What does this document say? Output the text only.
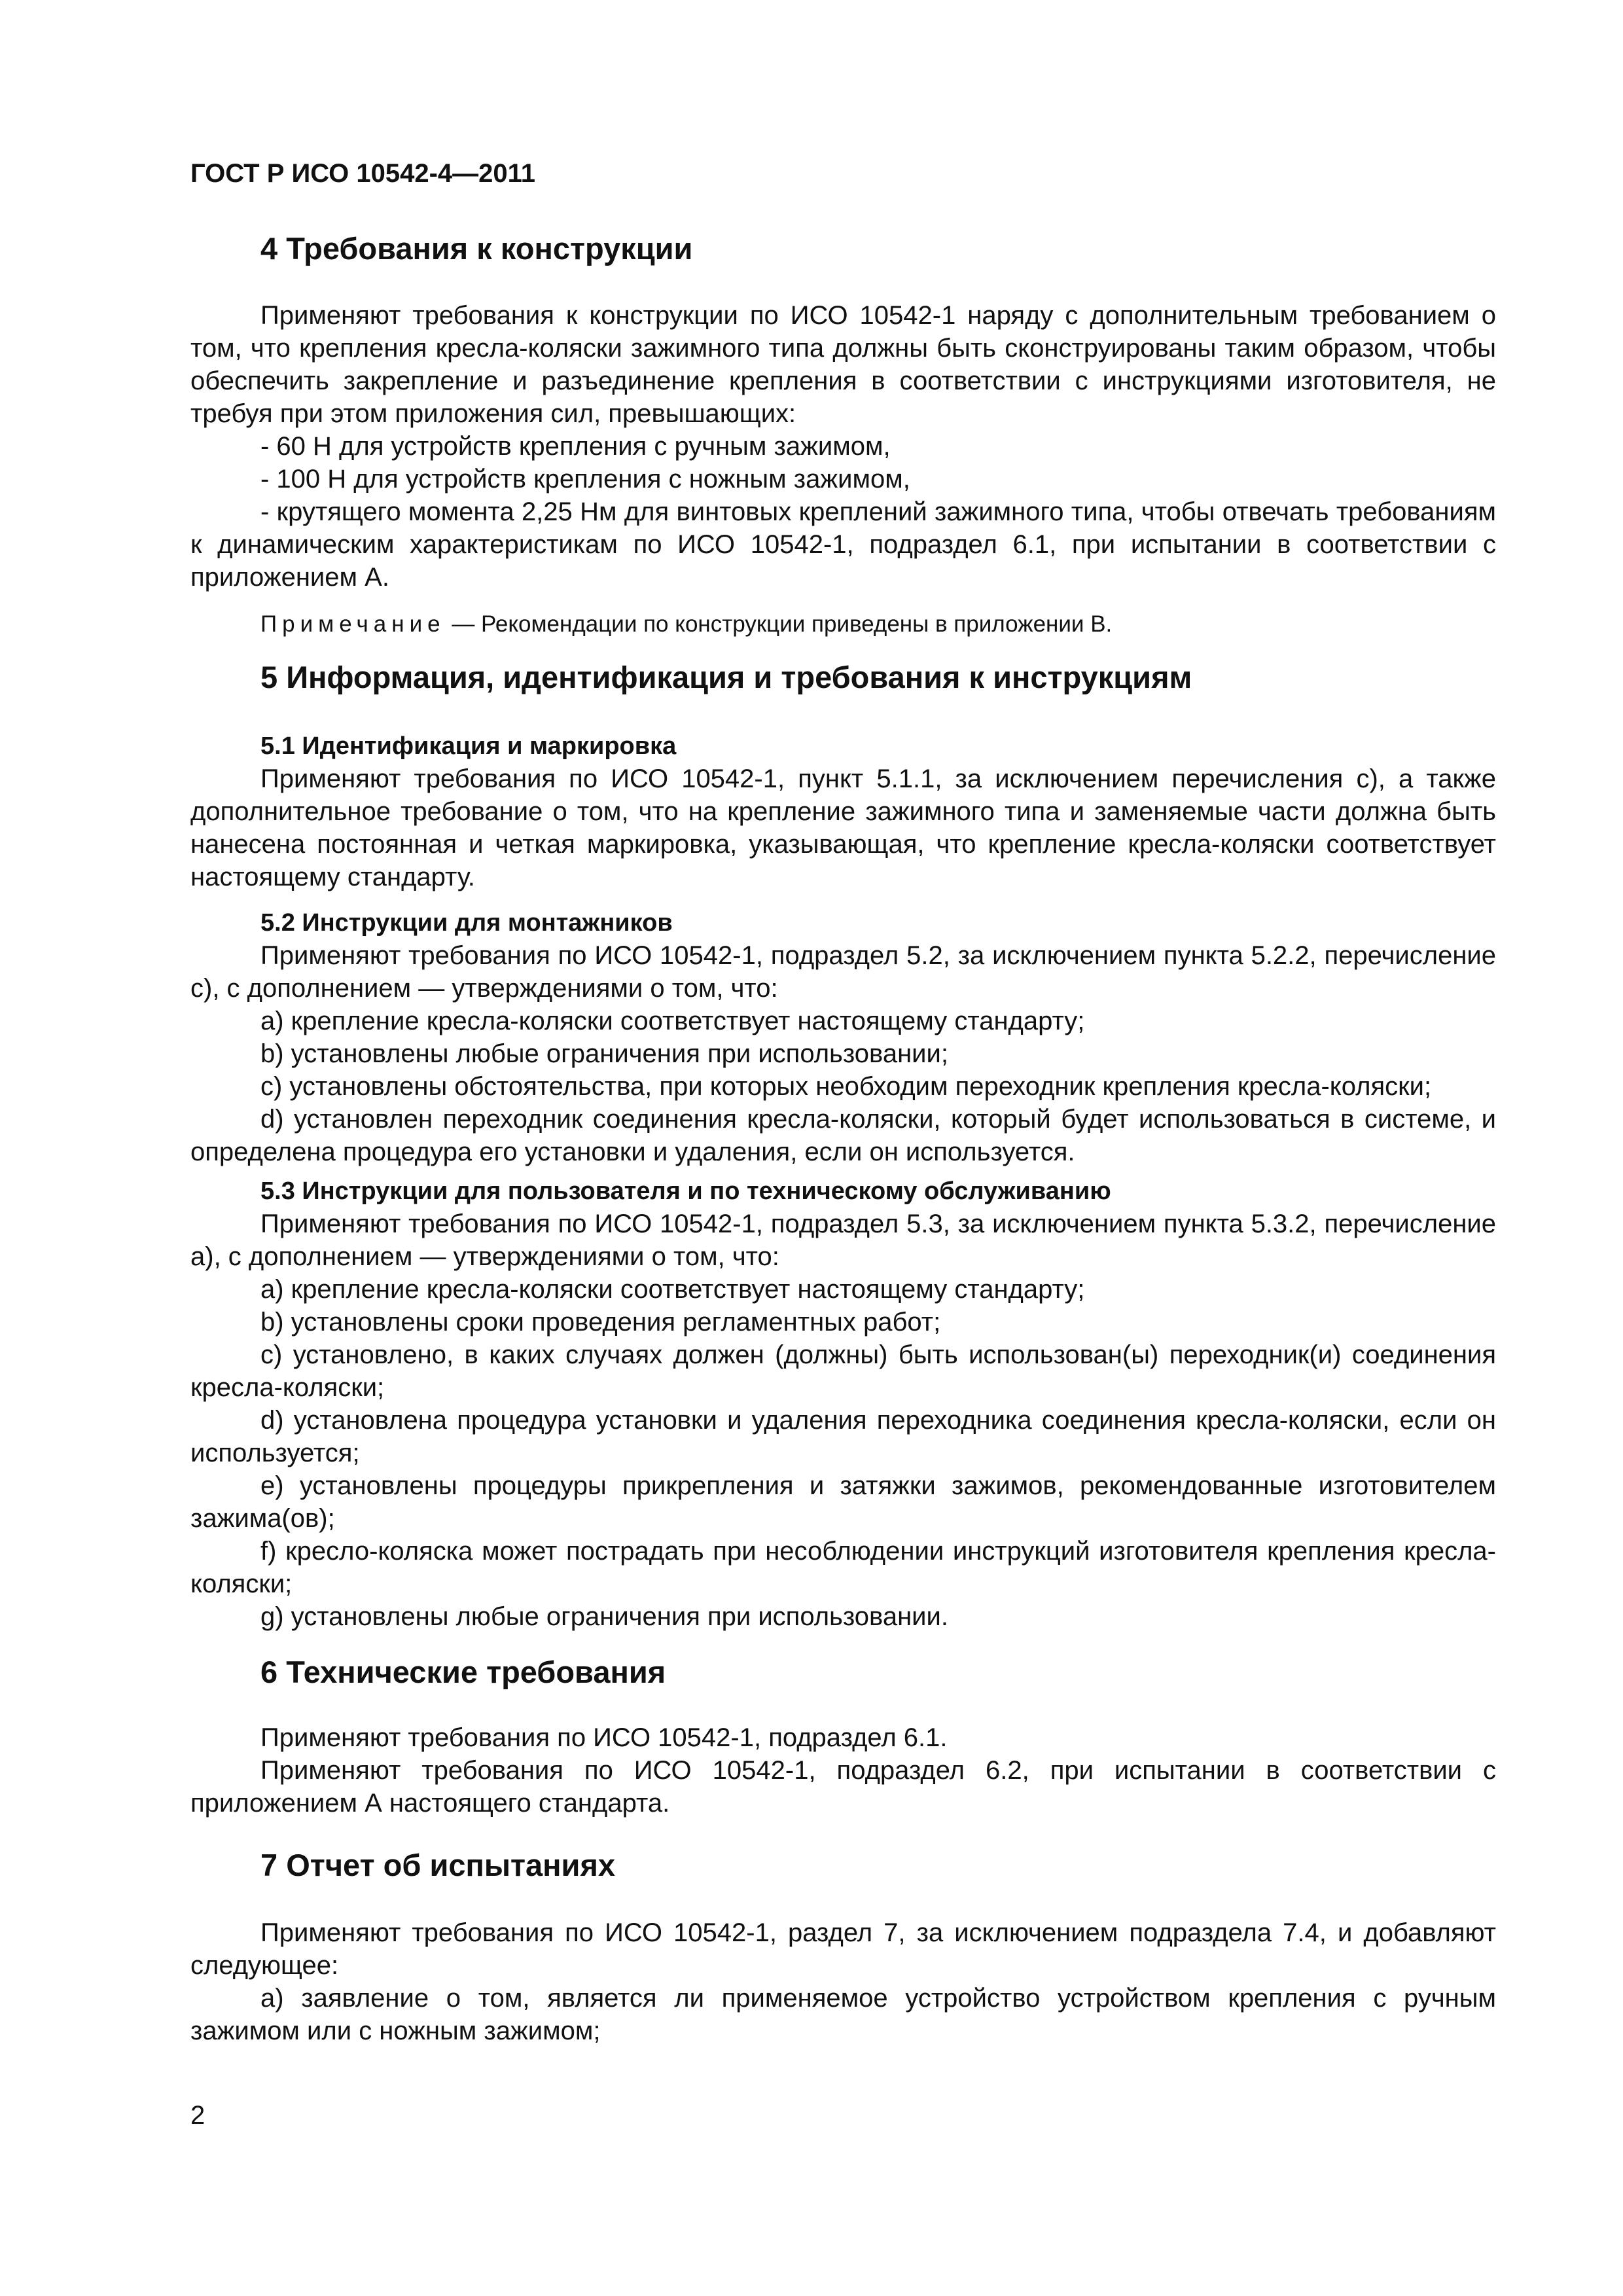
ГОСТ Р ИСО 10542-4—2011
4 Требования к конструкции

Применяют требования к конструкции по ИСО 10542-1 наряду с дополнительным требованием о том, что крепления кресла-коляски зажимного типа должны быть сконструированы таким образом, чтобы обеспечить закрепление и разъединение крепления в соответствии с инструкциями изготовителя, не требуя при этом приложения сил, превышающих:

- 60 Н для устройств крепления с ручным зажимом,

- 100 Н для устройств крепления с ножным зажимом,

- крутящего момента 2,25 Нм для винтовых креплений зажимного типа, чтобы отвечать требованиям к динамическим характеристикам по ИСО 10542-1, подраздел 6.1, при испытании в соответствии с приложением А.

Примечание — Рекомендации по конструкции приведены в приложении В.

5 Информация, идентификация и требования к инструкциям
5.1 Идентификация и маркировка

Применяют требования по ИСО 10542-1, пункт 5.1.1, за исключением перечисления с), а также дополнительное требование о том, что на крепление зажимного типа и заменяемые части должна быть нанесена постоянная и четкая маркировка, указывающая, что крепление кресла-коляски соответствует настоящему стандарту.

5.2 Инструкции для монтажников

Применяют требования по ИСО 10542-1, подраздел 5.2, за исключением пункта 5.2.2, перечисление с), с дополнением — утверждениями о том, что:

a) крепление кресла-коляски соответствует настоящему стандарту;

b) установлены любые ограничения при использовании;

c) установлены обстоятельства, при которых необходим переходник крепления кресла-коляски;

d) установлен переходник соединения кресла-коляски, который будет использоваться в системе, и определена процедура его установки и удаления, если он используется.

5.3 Инструкции для пользователя и по техническому обслуживанию

Применяют требования по ИСО 10542-1, подраздел 5.3, за исключением пункта 5.3.2, перечисление а), с дополнением — утверждениями о том, что:

a) крепление кресла-коляски соответствует настоящему стандарту;

b) установлены сроки проведения регламентных работ;

c) установлено, в каких случаях должен (должны) быть использован(ы) переходник(и) соединения кресла-коляски;

d) установлена процедура установки и удаления переходника соединения кресла-коляски, если он используется;

e) установлены процедуры прикрепления и затяжки зажимов, рекомендованные изготовителем зажима(ов);

f) кресло-коляска может пострадать при несоблюдении инструкций изготовителя крепления кресла-коляски;

g) установлены любые ограничения при использовании.

6 Технические требования

Применяют требования по ИСО 10542-1, подраздел 6.1.

Применяют требования по ИСО 10542-1, подраздел 6.2, при испытании в соответствии с приложением А настоящего стандарта.

7 Отчет об испытаниях

Применяют требования по ИСО 10542-1, раздел 7, за исключением подраздела 7.4, и добавляют следующее:

а) заявление о том, является ли применяемое устройство устройством крепления с ручным зажимом или с ножным зажимом;

2
